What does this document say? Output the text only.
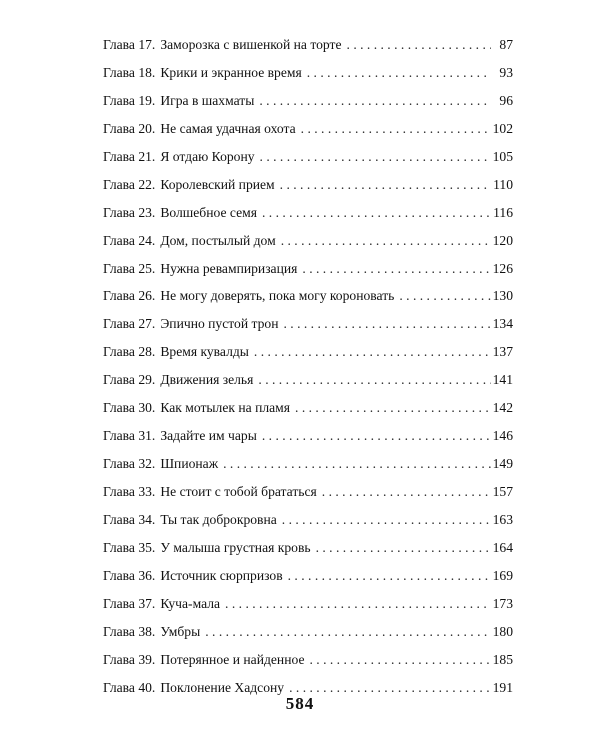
Глава 17. Заморозка с вишенкой на торте . . .	87
Глава 18. Крики и экранное время . . .	93
Глава 19. Игра в шахматы . . .	96
Глава 20. Не самая удачная охота . . .	102
Глава 21. Я отдаю Корону . . .	105
Глава 22. Королевский прием . . .	110
Глава 23. Волшебное семя . . .	116
Глава 24. Дом, постылый дом . . .	120
Глава 25. Нужна ревампиризация . . .	126
Глава 26. Не могу доверять, пока могу короновать . . .	130
Глава 27. Эпично пустой трон . . .	134
Глава 28. Время кувалды . . .	137
Глава 29. Движения зелья . . .	141
Глава 30. Как мотылек на пламя . . .	142
Глава 31. Задайте им чары . . .	146
Глава 32. Шпионаж . . .	149
Глава 33. Не стоит с тобой брататься . . .	157
Глава 34. Ты так доброкровна . . .	163
Глава 35. У малыша грустная кровь . . .	164
Глава 36. Источник сюрпризов . . .	169
Глава 37. Куча-мала . . .	173
Глава 38. Умбры . . .	180
Глава 39. Потерянное и найденное . . .	185
Глава 40. Поклонение Хадсону . . .	191
584
